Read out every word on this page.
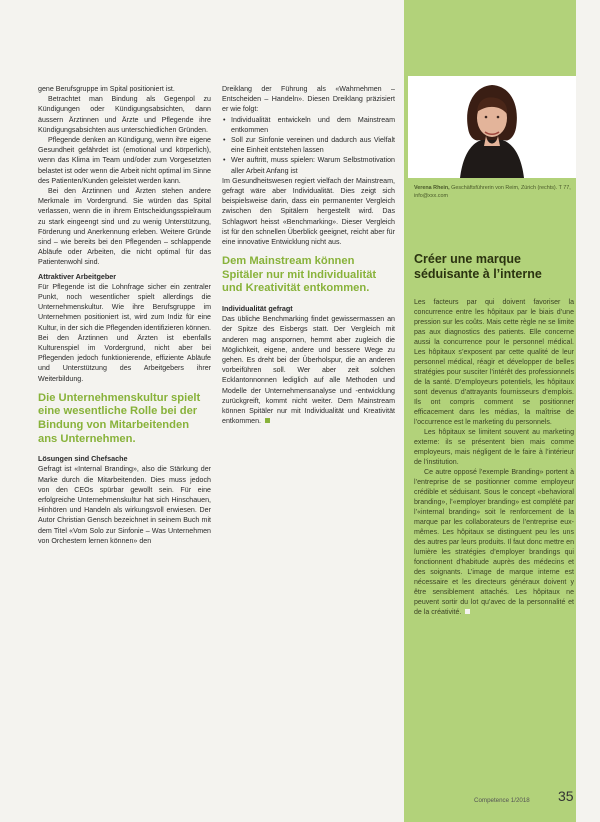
gene Berufsgruppe im Spital positioniert ist.

Betrachtet man Bindung als Gegenpol zu Kündigungen oder Kündigungsabsichten, dann äussern Ärztinnen und Ärzte und Pflegende ihre Kündigungsabsichten aus unterschiedlichen Gründen.

Pflegende denken an Kündigung, wenn ihre eigene Gesundheit gefährdet ist (emotional und körperlich), wenn das Klima im Team und/oder zum Vorgesetzten belastet ist oder wenn die Arbeit nicht optimal im Sinne des Patienten/Kunden geleistet werden kann.

Bei den Ärztinnen und Ärzten stehen andere Merkmale im Vordergrund. Sie würden das Spital verlassen, wenn die in ihrem Entscheidungsspielraum zu stark eingeengt sind und zu wenig Unterstützung, Förderung und Anerkennung erleben. Weitere Gründe sind – wie bereits bei den Pflegenden – schlappende Abläufe oder Arbeiten, die nicht optimal für das Patientenwohl sind.

Attraktiver Arbeitgeber

Für Pflegende ist die Lohnfrage sicher ein zentraler Punkt, noch wesentlicher spielt allerdings die Unternehmenskultur. Wie ihre Berufsgruppe im Unternehmen positioniert ist, wird zum Indiz für eine Kultur, in der sich die Pflegenden identifizieren können. Bei den Ärztinnen und Ärzten ist ebenfalls Kulturenspiel im Vordergrund, nicht aber bei Pflegenden jedoch funktionierende, effiziente Abläufe und Unterstützung des Arbeitgebers ihrer Weiterbildung.

Die Unternehmenskultur spielt eine wesentliche Rolle bei der Bindung von Mitarbeitenden ans Unternehmen.
Lösungen sind Chefsache

Gefragt ist «Internal Branding», also die Stärkung der Marke durch die Mitarbeitenden. Dies muss jedoch von den CEOs spürbar gewollt sein. Für eine erfolgreiche Unternehmenskultur hat sich Hinschauen, Hinhören und Handeln als wirkungsvoll erwiesen. Der Autor Christian Gensch bezeichnet in seinem Buch mit dem Titel «Vom Solo zur Sinfonie – Was Unternehmen von Orchestern lernen können» den

Dreiklang der Führung als «Wahrnehmen – Entscheiden – Handeln». Diesen Dreiklang präzisiert er wie folgt:

• Individualität entwickeln und dem Mainstream entkommen
• Soll zur Sinfonie vereinen und dadurch aus Vielfalt eine Einheit entstehen lassen
• Wer auftritt, muss spielen: Warum Selbstmotivation aller Arbeit Anfang ist

Im Gesundheitswesen regiert vielfach der Mainstream, gefragt wäre aber Individualität. Dies zeigt sich beispielsweise darin, dass ein permanenter Vergleich zwischen den Spitälern hergestellt wird. Das Schlagwort heisst «Benchmarking». Dieser Vergleich ist für den schnellen Überblick geeignet, reicht aber für eine innovative Entwicklung nicht aus.

Dem Mainstream können Spitäler nur mit Individualität und Kreativität entkommen.
Individualität gefragt

Das übliche Benchmarking findet gewissermassen an der Spitze des Eisbergs statt. Der Vergleich mit anderen mag anspornen, hemmt aber zugleich die Möglichkeit, eigene, andere und bessere Wege zu gehen. Es dreht bei der Überholspur, die an anderen vorbeiführen soll. Wer aber zeit solchen Ecklantonnonnen lediglich auf alle Methoden und Modelle der Unternehmensanalyse und -entwicklung zurückgreift, kommt nicht weiter. Dem Mainstream können Spitäler nur mit Individualität und Kreativität entkommen.

Verena Rhein, Geschäftsführerin von Reim, Zürich (rechts). T 77, info@xxx.com
Créer une marque séduisante à l’interne

Les facteurs par qui doivent favoriser la concurrence entre les hôpitaux par le biais d’une pression sur les coûts. Mais cette règle ne se limite pas aux diagnostics des patients. Elle concerne aussi la concurrence pour le personnel médical. Les hôpitaux s’exposent par cette qualité de leur personnel médical, réagir et développer de belles stratégies pour susciter l’intérêt des professionnels de la santé. D’employeurs potentiels, les hôpitaux sont devenus d’attrayants fournisseurs d’emplois. Ils ont compris comment se positionner efficacement dans les médias, la maîtrise de l’occurrence est le marketing du personnels.

Les hôpitaux se limitent souvent au marketing externe: ils se présentent bien mais comme employeurs, mais négligent de le faire à l’intérieur de l’institution.

Ce autre opposé l’exemple Branding» portent à l’entreprise de se positionner comme employeur crédible et séduisant. Sous le concept «behavioral branding», l’«employer branding» est complété par l’«internal branding» soit le renforcement de la marque par les collaborateurs de l’entreprise eux-mêmes. Les hôpitaux se distinguent peu les uns des autres par leurs produits. Il faut donc mettre en lumière les stratégies d’employer brandings qui fonctionnent d’habitude auprès des médecins et des soignants. L’image de marque interne est nécessaire et les directeurs généraux doivent y être sensiblement attachés. Les hôpitaux ne peuvent sortir du lot qu’avec de la personnalité et de la créativité.

Competence 1/2018 35
